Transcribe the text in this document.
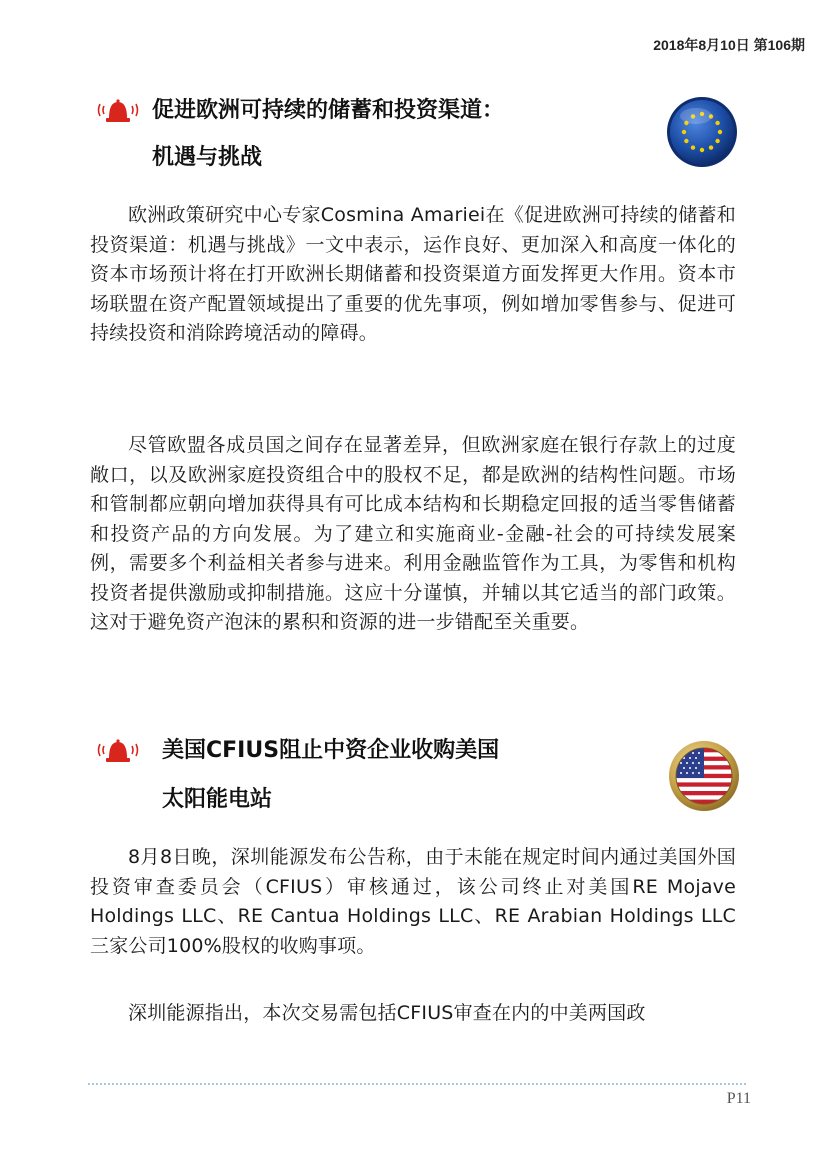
2018年8月10日 第106期
促进欧洲可持续的储蓄和投资渠道：
机遇与挑战

欧洲政策研究中心专家Cosmina Amariei在《促进欧洲可持续的储蓄和投资渠道：机遇与挑战》一文中表示，运作良好、更加深入和高度一体化的资本市场预计将在打开欧洲长期储蓄和投资渠道方面发挥更大作用。资本市场联盟在资产配置领域提出了重要的优先事项，例如增加零售参与、促进可持续投资和消除跨境活动的障碍。

尽管欧盟各成员国之间存在显著差异，但欧洲家庭在银行存款上的过度敞口，以及欧洲家庭投资组合中的股权不足，都是欧洲的结构性问题。市场和管制都应朝向增加获得具有可比成本结构和长期稳定回报的适当零售储蓄和投资产品的方向发展。为了建立和实施商业-金融-社会的可持续发展案例，需要多个利益相关者参与进来。利用金融监管作为工具，为零售和机构投资者提供激励或抑制措施。这应十分谨慎，并辅以其它适当的部门政策。这对于避免资产泡沫的累积和资源的进一步错配至关重要。

美国CFIUS阻止中资企业收购美国
太阳能电站

8月8日晚，深圳能源发布公告称，由于未能在规定时间内通过美国外国投资审查委员会（CFIUS）审核通过，该公司终止对美国RE Mojave Holdings LLC、RE Cantua Holdings LLC、RE Arabian Holdings LLC三家公司100%股权的收购事项。

深圳能源指出，本次交易需包括CFIUS审查在内的中美两国政

P11
